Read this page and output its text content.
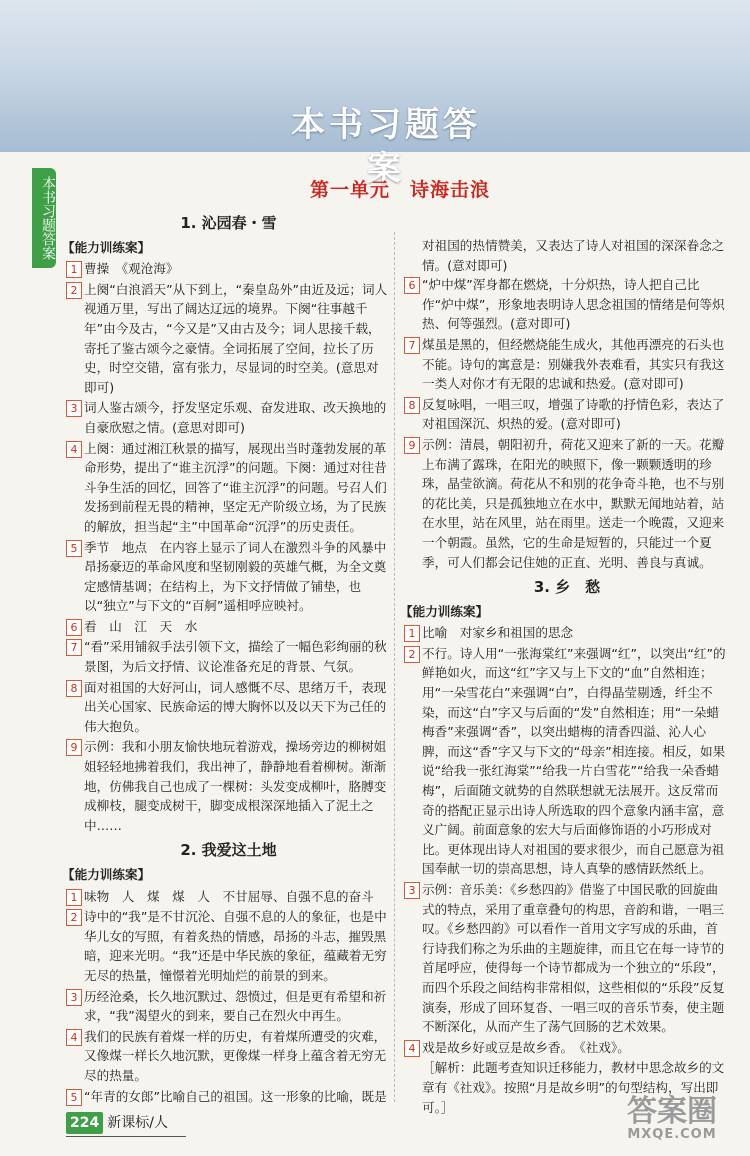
本书习题答案
本书习题答案	第一单元　诗海击浪
1. 沁园春・雪
【能力训练案】
1 曹操　《观沧海》
2 上阕“白浪滔天”从下到上，“秦皇岛外”由近及远；词人视通万里，写出了阔达辽远的境界。下阕“往事越千年”由今及古，“今又是”又由古及今；词人思接千载，寄托了鉴古颂今之豪情。全词拓展了空间，拉长了历史，时空交错，富有张力，尽显词的时空美。(意思对即可)
3 词人鉴古颂今，抒发坚定乐观、奋发进取、改天换地的自豪欣慰之情。(意思对即可)
4 上阕：通过湘江秋景的描写，展现出当时蓬勃发展的革命形势，提出了“谁主沉浮”的问题。下阕：通过对往昔斗争生活的回忆，回答了“谁主沉浮”的问题。号召人们发扬到前程无畏的精神，坚定无产阶级立场，为了民族的解放，担当起“主”中国革命“沉浮”的历史责任。
5 季节　地点　在内容上显示了词人在激烈斗争的风暴中昂扬豪迈的革命风度和坚韧刚毅的英雄气概，为全文奠定感情基调；在结构上，为下文抒情做了铺垫，也以“独立”与下文的“百舸”遥相呼应映衬。
6 看　山　江　天　水
7 “看”采用铺叙手法引领下文，描绘了一幅色彩绚丽的秋景图，为后文抒情、议论准备充足的背景、气氛。
8 面对祖国的大好河山，词人感慨不尽、思绪万千，表现出关心国家、民族命运的博大胸怀以及以天下为己任的伟大抱负。
9 示例：我和小朋友愉快地玩着游戏，操场旁边的柳树姐姐轻轻地拂着我们，我出神了，静静地看着柳树。渐渐地，仿佛我自己也成了一棵树：头发变成柳叶，胳膊变成柳枝，腿变成树干，脚变成根深深地插入了泥土之中……
2. 我爱这土地
【能力训练案】
1 味物　人　煤　煤　人　不甘屈辱、自强不息的奋斗
2 诗中的“我”是不甘沉沦、自强不息的人的象征，也是中华儿女的写照，有着炙热的情感，昂扬的斗志，摧毁黑暗，迎来光明。“我”还是中华民族的象征，蕴藏着无穷无尽的热量，憧憬着光明灿烂的前景的到来。
3 历经沧桑，长久地沉默过、怨愤过，但是更有希望和祈求，“我”渴望火的到来，要自己在烈火中再生。
4 我们的民族有着煤一样的历史，有着煤所遭受的灾难，又像煤一样长久地沉默，更像煤一样身上蕴含着无穷无尽的热量。
5 “年青的女郎”比喻自己的祖国。这一形象的比喻，既是
对祖国的热情赞美，又表达了诗人对祖国的深深眷念之情。(意对即可)
6 “炉中煤”浑身都在燃烧，十分炽热，诗人把自己比作“炉中煤”，形象地表明诗人思念祖国的情绪是何等炽热、何等强烈。(意对即可)
7 煤虽是黑的，但经燃烧能生成火，其他再漂亮的石头也不能。诗句的寓意是：别嫌我外表难看，其实只有我这一类人对你才有无限的忠诚和热爱。(意对即可)
8 反复咏唱，一唱三叹，增强了诗歌的抒情色彩，表达了对祖国深沉、炽热的爱。(意对即可)
9 示例：清晨，朝阳初升，荷花又迎来了新的一天。花瓣上布满了露珠，在阳光的映照下，像一颗颗透明的珍珠，晶莹欲滴。荷花从不和别的花争奇斗艳，也不与别的花比美，只是孤独地立在水中，默默无闻地站着，站在水里，站在风里，站在雨里。送走一个晚霞，又迎来一个朝霞。虽然，它的生命是短暂的，只能过一个夏季，可人们都会记住她的正直、光明、善良与真诚。
3. 乡　愁
【能力训练案】
1 比喻　对家乡和祖国的思念
2 不行。诗人用“一张海棠红”来强调“红”，以突出“红”的鲜艳如火，而这“红”字又与上下文的“血”自然相连；用“一朵雪花白”来强调“白”，白得晶莹剔透，纤尘不染，而这“白”字又与后面的“发”自然相连；用“一朵蜡梅香”来强调“香”，以突出蜡梅的清香四溢、沁人心脾，而这“香”字又与下文的“母亲”相连接。相反，如果说“给我一张红海棠”“给我一片白雪花”“给我一朵香蜡梅”，后面随文就势的自然联想就无法展开。这反常而奇的搭配正显示出诗人所选取的四个意象内涵丰富，意义广阔。前面意象的宏大与后面修饰语的小巧形成对比。更体现出诗人对祖国的要求很少，而自己愿意为祖国奉献一切的崇高思想，诗人真挚的感情跃然纸上。
3 示例：音乐美：《乡愁四韵》借鉴了中国民歌的回旋曲式的特点，采用了重章叠句的构思，音韵和谐，一唱三叹。《乡愁四韵》可以看作一首用文字写成的乐曲，首行诗我们称之为乐曲的主题旋律，而且它在每一诗节的首尾呼应，使得每一个诗节都成为一个独立的“乐段”，而四个乐段之间结构非常相似，这些相似的“乐段”反复演奏，形成了回环复沓、一唱三叹的音乐节奏，使主题不断深化，从而产生了荡气回肠的艺术效果。
4 戏是故乡好或豆是故乡香。　《社戏》。
［解析：此题考查知识迁移能力，教材中思念故乡的文章有《社戏》。按照“月是故乡明”的句型结构，写出即可。］
224 新课标/人	答案圈
MXQE.COM
